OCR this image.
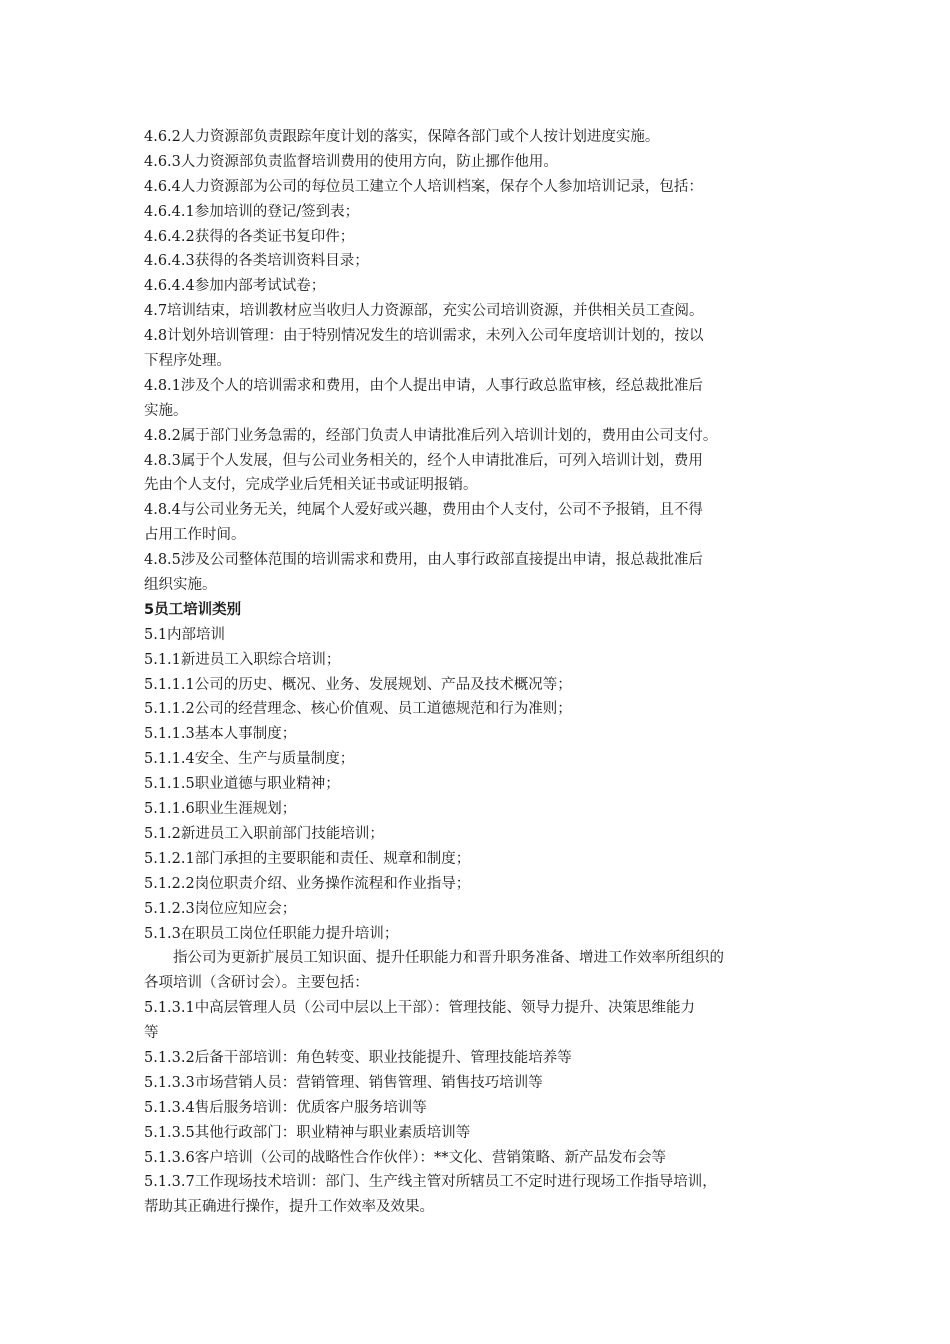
4.6.2人力资源部负责跟踪年度计划的落实，保障各部门或个人按计划进度实施。
4.6.3人力资源部负责监督培训费用的使用方向，防止挪作他用。
4.6.4人力资源部为公司的每位员工建立个人培训档案，保存个人参加培训记录，包括：
4.6.4.1参加培训的登记/签到表；
4.6.4.2获得的各类证书复印件；
4.6.4.3获得的各类培训资料目录；
4.6.4.4参加内部考试试卷；
4.7培训结束，培训教材应当收归人力资源部，充实公司培训资源，并供相关员工查阅。
4.8计划外培训管理：由于特别情况发生的培训需求，未列入公司年度培训计划的，按以
下程序处理。
4.8.1涉及个人的培训需求和费用，由个人提出申请，人事行政总监审核，经总裁批准后
实施。
4.8.2属于部门业务急需的，经部门负责人申请批准后列入培训计划的，费用由公司支付。
4.8.3属于个人发展，但与公司业务相关的，经个人申请批准后，可列入培训计划，费用
先由个人支付，完成学业后凭相关证书或证明报销。
4.8.4与公司业务无关，纯属个人爱好或兴趣，费用由个人支付，公司不予报销，且不得
占用工作时间。
4.8.5涉及公司整体范围的培训需求和费用，由人事行政部直接提出申请，报总裁批准后
组织实施。
5员工培训类别
5.1内部培训
5.1.1新进员工入职综合培训；
5.1.1.1公司的历史、概况、业务、发展规划、产品及技术概况等；
5.1.1.2公司的经营理念、核心价值观、员工道德规范和行为准则；
5.1.1.3基本人事制度；
5.1.1.4安全、生产与质量制度；
5.1.1.5职业道德与职业精神；
5.1.1.6职业生涯规划；
5.1.2新进员工入职前部门技能培训；
5.1.2.1部门承担的主要职能和责任、规章和制度；
5.1.2.2岗位职责介绍、业务操作流程和作业指导；
5.1.2.3岗位应知应会；
5.1.3在职员工岗位任职能力提升培训；
指公司为更新扩展员工知识面、提升任职能力和晋升职务准备、增进工作效率所组织的
各项培训（含研讨会）。主要包括：
5.1.3.1中高层管理人员（公司中层以上干部）：管理技能、领导力提升、决策思维能力
等
5.1.3.2后备干部培训：角色转变、职业技能提升、管理技能培养等
5.1.3.3市场营销人员：营销管理、销售管理、销售技巧培训等
5.1.3.4售后服务培训：优质客户服务培训等
5.1.3.5其他行政部门：职业精神与职业素质培训等
5.1.3.6客户培训（公司的战略性合作伙伴）：**文化、营销策略、新产品发布会等
5.1.3.7工作现场技术培训：部门、生产线主管对所辖员工不定时进行现场工作指导培训，
帮助其正确进行操作，提升工作效率及效果。
